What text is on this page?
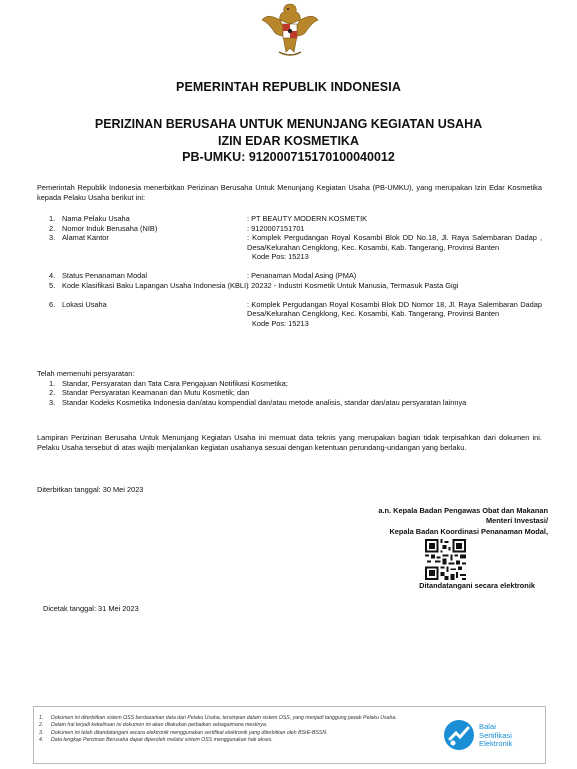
PEMERINTAH REPUBLIK INDONESIA
PERIZINAN BERUSAHA UNTUK MENUNJANG KEGIATAN USAHA
IZIN EDAR KOSMETIKA
PB-UMKU: 912000715170100040012
Pemerintah Republik Indonesia menerbitkan Perizinan Berusaha Untuk Menunjang Kegiatan Usaha (PB-UMKU), yang merupakan Izin Edar Kosmetika kepada Pelaku Usaha berikut ini:
1. Nama Pelaku Usaha	: PT BEAUTY MODERN KOSMETIK
2. Nomor Induk Berusaha (NIB)	: 9120007151701
3. Alamat Kantor	: Komplek Pergudangan Royal Kosambi Blok DD No.18, Jl. Raya Salembaran Dadap , Desa/Kelurahan Cengklong, Kec. Kosambi, Kab. Tangerang, Provinsi Banten
Kode Pos: 15213
4. Status Penanaman Modal	: Penanaman Modal Asing (PMA)
5. Kode Klasifikasi Baku Lapangan Usaha Indonesia (KBLI)
: 20232 - Industri Kosmetik Untuk Manusia, Termasuk Pasta Gigi
6. Lokasi Usaha	: Komplek Pergudangan Royal Kosambi Blok DD Nomor 18, Jl. Raya Salembaran Dadap Desa/Kelurahan Cengklong, Kec. Kosambi, Kab. Tangerang, Provinsi Banten
Kode Pos: 15213
Telah memenuhi persyaratan:
1. Standar, Persyaratan dan Tata Cara Pengajuan Notifikasi Kosmetika;
2. Standar Persyaratan Keamanan dan Mutu Kosmetik; dan
3. Standar Kodeks Kosmetika Indonesia dan/atau kompendial dan/atau metode analisis, standar dan/atau persyaratan lainnya
Lampiran Perizinan Berusaha Untuk Menunjang Kegiatan Usaha ini memuat data teknis yang merupakan bagian tidak terpisahkan dari dokumen ini. Pelaku Usaha tersebut di atas wajib menjalankan kegiatan usahanya sesuai dengan ketentuan perundang-undangan yang berlaku.
Diterbitkan tanggal: 30 Mei 2023
a.n. Kepala Badan Pengawas Obat dan Makanan
Menteri Investasi/
Kepala Badan Koordinasi Penanaman Modal,
Ditandatangani secara elektronik
Dicetak tanggal: 31 Mei 2023
1. Dokumen ini diterbitkan sistem OSS berdasarkan data dari Pelaku Usaha, tersimpan dalam sistem OSS, yang menjadi tanggung jawab Pelaku Usaha.
2. Dalam hal terjadi kekeliruan isi dokumen ini akan dilakukan perbaikan sebagaimana mestinya.
3. Dokumen ini telah ditandatangani secara elektronik menggunakan sertifikat elektronik yang diterbitkan oleh BSrE-BSSN.
4. Data lengkap Perizinan Berusaha dapat diperoleh melalui sistem OSS menggunakan hak akses.
Balai
Sertifikasi
Elektronik
